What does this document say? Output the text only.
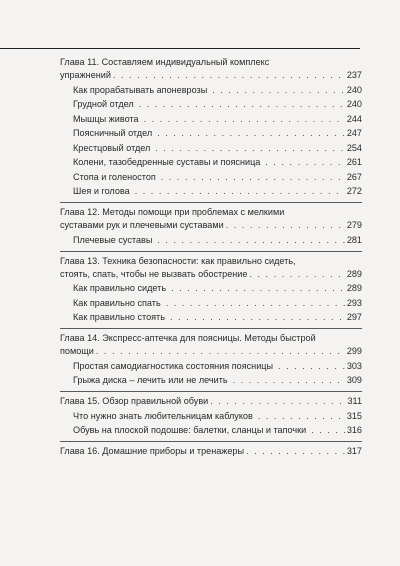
Глава 11. Составляем индивидуальный комплекс
упражнений . . .	237
Как прорабатывать апоневрозы . . .	240
Грудной отдел . . .	240
Мышцы живота . . .	244
Поясничный отдел . . .	247
Крестцовый отдел . . .	254
Колени, тазобедренные суставы и поясница . . .	261
Стопа и голеностоп . . .	267
Шея и голова . . .	272
Глава 12. Методы помощи при проблемах с мелкими
суставами рук и плечевыми суставами . . .	279
Плечевые суставы . . .	281
Глава 13. Техника безопасности: как правильно сидеть,
стоять, спать, чтобы не вызвать обострение . . .	289
Как правильно сидеть . . .	289
Как правильно спать . . .	293
Как правильно стоять . . .	297
Глава 14. Экспресс-аптечка для поясницы. Методы быстрой
помощи . . .	299
Простая самодиагностика состояния поясницы . . .	303
Грыжа диска – лечить или не лечить . . .	309
Глава 15. Обзор правильной обуви . . .	311
Что нужно знать любительницам каблуков . . .	315
Обувь на плоской подошве: балетки, сланцы и тапочки . . .	316
Глава 16. Домашние приборы и тренажеры . . .	317
